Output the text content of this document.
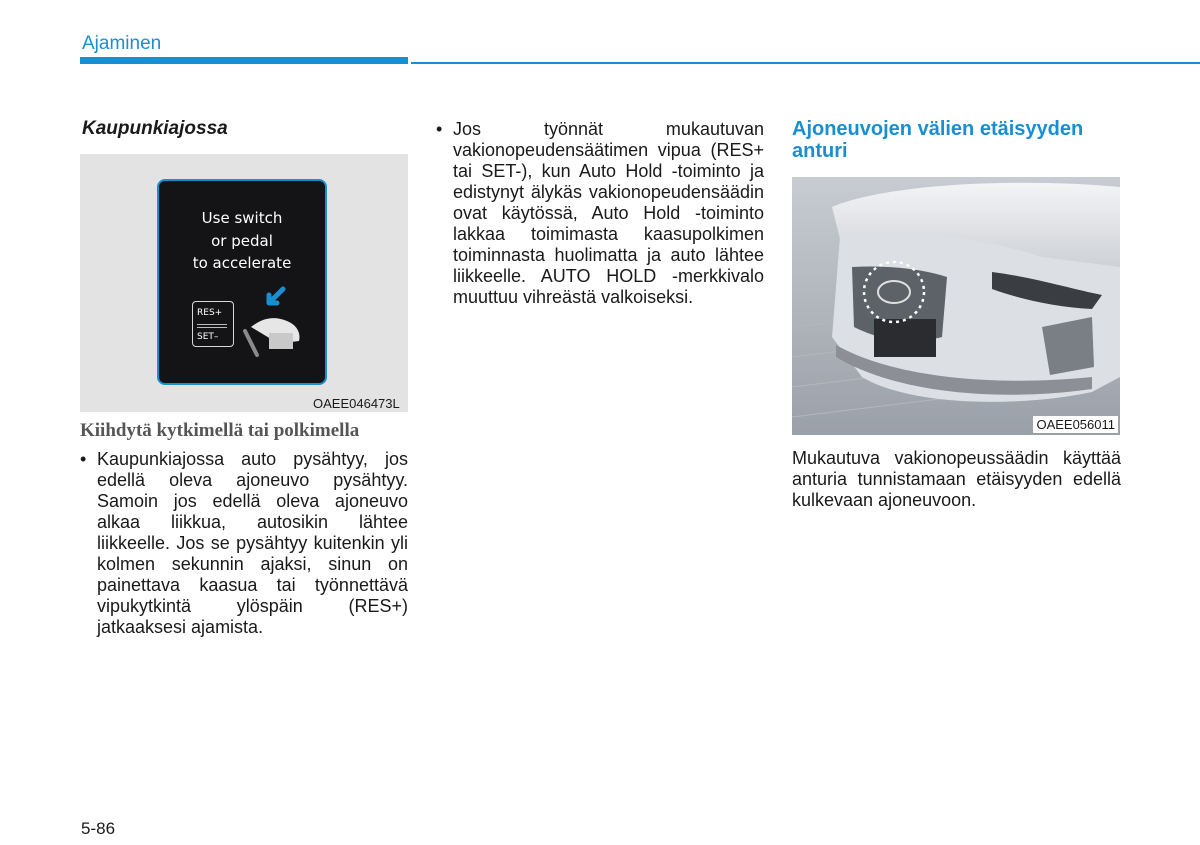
Ajaminen
Kaupunkiajossa
Use switch
or pedal
to accelerate
RES+
SET–
OAEE046473L
Kiihdytä kytkimellä tai polkimella
• Kaupunkiajossa auto pysähtyy, jos edellä oleva ajoneuvo pysähtyy. Samoin jos edellä oleva ajoneuvo alkaa liikkua, autosikin lähtee liikkeelle. Jos se pysähtyy kuitenkin yli kolmen sekunnin ajaksi, sinun on painettava kaasua tai työnnettävä vipukytkintä ylöspäin (RES+) jatkaaksesi ajamista.
• Jos työnnät mukautuvan vakionopeudensäätimen vipua (RES+ tai SET-), kun Auto Hold -toiminto ja edistynyt älykäs vakionopeudensäädin ovat käytössä, Auto Hold -toiminto lakkaa toimimasta kaasupolkimen toiminnasta huolimatta ja auto lähtee liikkeelle. AUTO HOLD -merkkivalo muuttuu vihreästä valkoiseksi.
Ajoneuvojen välien etäisyyden anturi
OAEE056011
Mukautuva vakionopeussäädin käyttää anturia tunnistamaan etäisyyden edellä kulkevaan ajoneuvoon.
5-86
